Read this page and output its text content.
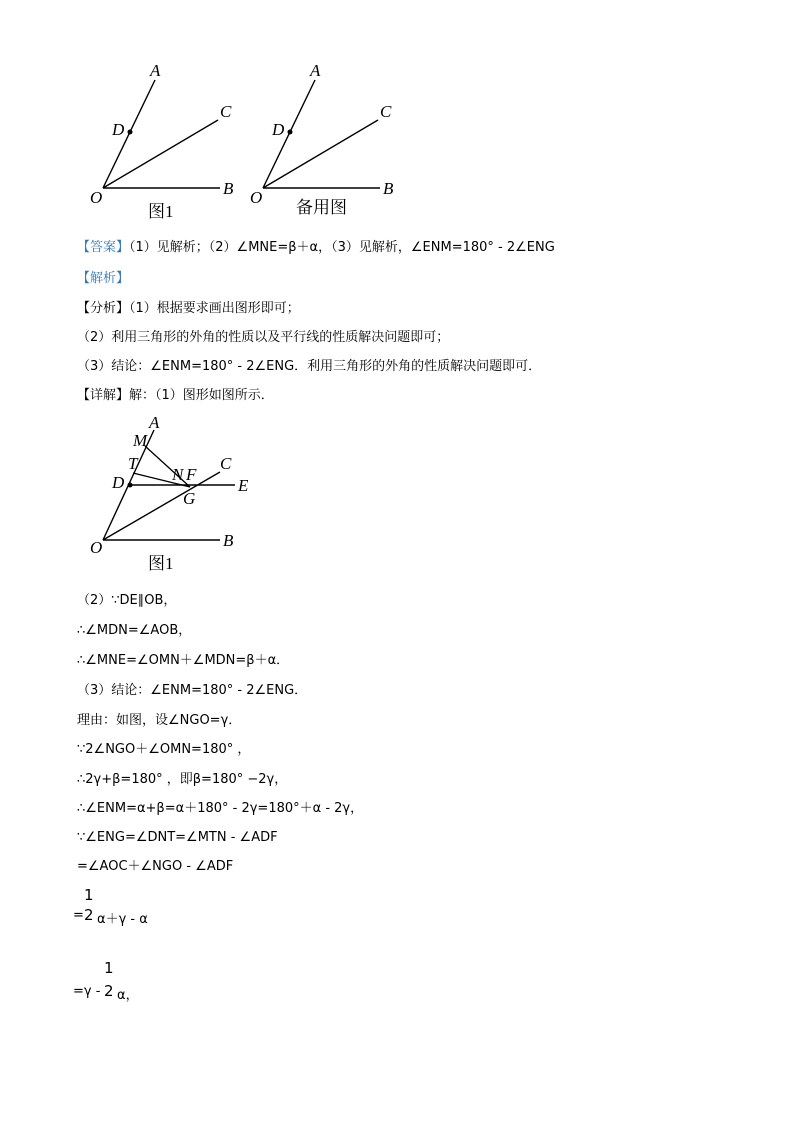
A
C
D
O	B
图1
A
C
D
O	B
备用图
【答案】（1）见解析；（2）∠MNE=β＋α，（3）见解析，∠ENM=180° - 2∠ENG
【解析】
【分析】（1）根据要求画出图形即可；
（2）利用三角形的外角的性质以及平行线的性质解决问题即可；
（3）结论：∠ENM=180° - 2∠ENG．利用三角形的外角的性质解决问题即可．
【详解】解：（1）图形如图所示．
A
M
T
N F
C
D
G
E
O	B
图1
（2）∵DE∥OB，
∴∠MDN=∠AOB，
∴∠MNE=∠OMN＋∠MDN=β＋α．
（3）结论：∠ENM=180° - 2∠ENG．
理由：如图，设∠NGO=γ．
∵2∠NGO＋∠OMN=180° ，
∴2γ+β=180° ，即β=180° −2γ，
∴∠ENM=α+β=α＋180° - 2γ=180°＋α - 2γ，
∵∠ENG=∠DNT=∠MTN - ∠ADF
=∠AOC＋∠NGO - ∠ADF
1
= 2 α＋γ - α
1
=γ - 2 α，
